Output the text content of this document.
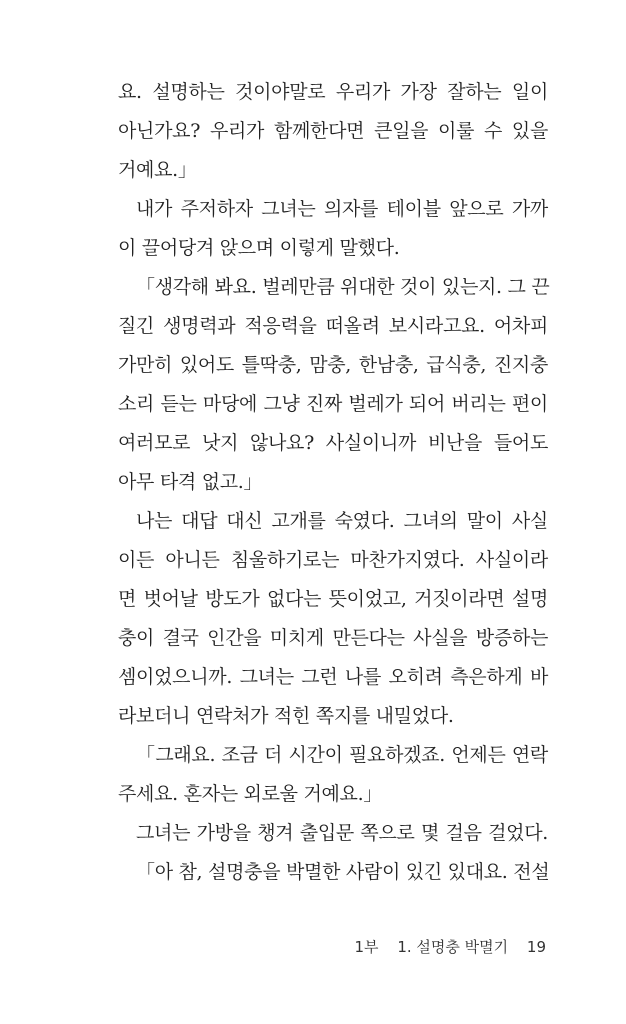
요. 설명하는 것이야말로 우리가 가장 잘하는 일이
아닌가요? 우리가 함께한다면 큰일을 이룰 수 있을
거예요.」
내가 주저하자 그녀는 의자를 테이블 앞으로 가까
이 끌어당겨 앉으며 이렇게 말했다.
「생각해 봐요. 벌레만큼 위대한 것이 있는지. 그 끈
질긴 생명력과 적응력을 떠올려 보시라고요. 어차피
가만히 있어도 틀딱충, 맘충, 한남충, 급식충, 진지충
소리 듣는 마당에 그냥 진짜 벌레가 되어 버리는 편이
여러모로 낫지 않나요? 사실이니까 비난을 들어도
아무 타격 없고.」
나는 대답 대신 고개를 숙였다. 그녀의 말이 사실
이든 아니든 침울하기로는 마찬가지였다. 사실이라
면 벗어날 방도가 없다는 뜻이었고, 거짓이라면 설명
충이 결국 인간을 미치게 만든다는 사실을 방증하는
셈이었으니까. 그녀는 그런 나를 오히려 측은하게 바
라보더니 연락처가 적힌 쪽지를 내밀었다.
「그래요. 조금 더 시간이 필요하겠죠. 언제든 연락
주세요. 혼자는 외로울 거예요.」
그녀는 가방을 챙겨 출입문 쪽으로 몇 걸음 걸었다.
「아 참, 설명충을 박멸한 사람이 있긴 있대요. 전설
1부 1. 설명충 박멸기 19
